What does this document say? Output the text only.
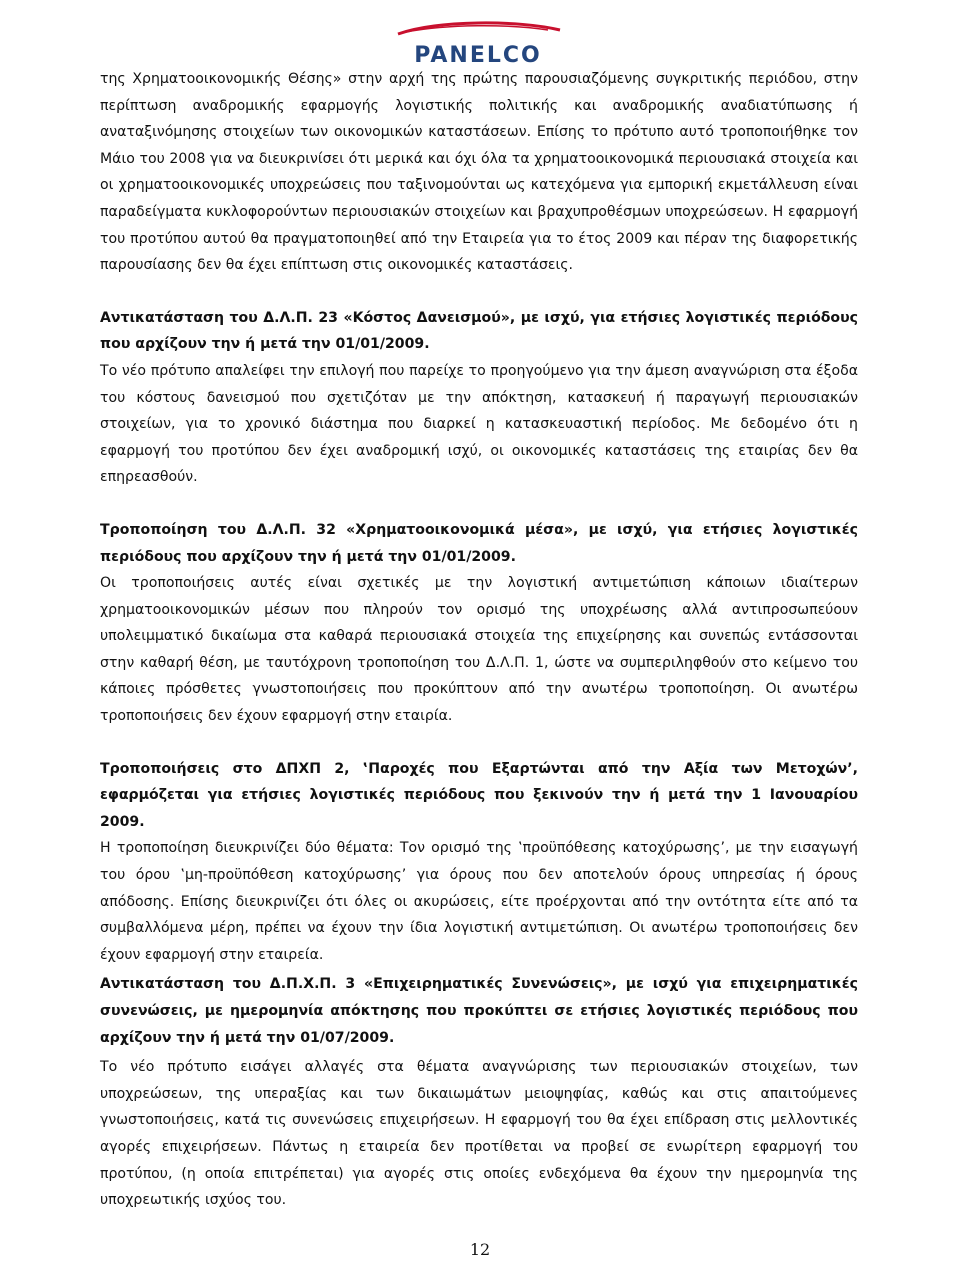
PANELCO

της Χρηματοοικονομικής Θέσης» στην αρχή της πρώτης παρουσιαζόμενης συγκριτικής περιόδου, στην περίπτωση αναδρομικής εφαρμογής λογιστικής πολιτικής και αναδρομικής αναδιατύπωσης ή αναταξινόμησης στοιχείων των οικονομικών καταστάσεων. Επίσης το πρότυπο αυτό τροποποιήθηκε τον Μάιο του 2008 για να διευκρινίσει ότι μερικά και όχι όλα τα χρηματοοικονομικά περιουσιακά στοιχεία και οι χρηματοοικονομικές υποχρεώσεις που ταξινομούνται ως κατεχόμενα για εμπορική εκμετάλλευση είναι παραδείγματα κυκλοφορούντων περιουσιακών στοιχείων και βραχυπροθέσμων υποχρεώσεων. Η εφαρμογή του προτύπου αυτού θα πραγματοποιηθεί από την Εταιρεία για το έτος 2009 και πέραν της διαφορετικής παρουσίασης δεν θα έχει επίπτωση στις οικονομικές καταστάσεις.

Αντικατάσταση του Δ.Λ.Π. 23 «Κόστος Δανεισμού», με ισχύ, για ετήσιες λογιστικές περιόδους που αρχίζουν την ή μετά την 01/01/2009.

Το νέο πρότυπο απαλείφει την επιλογή που παρείχε το προηγούμενο για την άμεση αναγνώριση στα έξοδα του κόστους δανεισμού που σχετιζόταν με την απόκτηση, κατασκευή ή παραγωγή περιουσιακών στοιχείων, για το χρονικό διάστημα που διαρκεί η κατασκευαστική περίοδος. Με δεδομένο ότι η εφαρμογή του προτύπου δεν έχει αναδρομική ισχύ, οι οικονομικές καταστάσεις της εταιρίας δεν θα επηρεασθούν.

Τροποποίηση του Δ.Λ.Π. 32 «Χρηματοοικονομικά μέσα», με ισχύ, για ετήσιες λογιστικές περιόδους που αρχίζουν την ή μετά την 01/01/2009.

Οι τροποποιήσεις αυτές είναι σχετικές με την λογιστική αντιμετώπιση κάποιων ιδιαίτερων χρηματοοικονομικών μέσων που πληρούν τον ορισμό της υποχρέωσης αλλά αντιπροσωπεύουν υπολειμματικό δικαίωμα στα καθαρά περιουσιακά στοιχεία της επιχείρησης και συνεπώς εντάσσονται στην καθαρή θέση, με ταυτόχρονη τροποποίηση του Δ.Λ.Π. 1, ώστε να συμπεριληφθούν στο κείμενο του κάποιες πρόσθετες γνωστοποιήσεις που προκύπτουν από την ανωτέρω τροποποίηση. Οι ανωτέρω τροποποιήσεις δεν έχουν εφαρμογή στην εταιρία.

Τροποποιήσεις στο ΔΠΧΠ 2, ‛Παροχές που Εξαρτώνται από την Αξία των Μετοχών’, εφαρμόζεται για ετήσιες λογιστικές περιόδους που ξεκινούν την ή μετά την 1 Ιανουαρίου 2009.

Η τροποποίηση διευκρινίζει δύο θέματα: Τον ορισμό της ‛προϋπόθεσης κατοχύρωσης’, με την εισαγωγή του όρου ‛μη-προϋπόθεση κατοχύρωσης’ για όρους που δεν αποτελούν όρους υπηρεσίας ή όρους απόδοσης. Επίσης διευκρινίζει ότι όλες οι ακυρώσεις, είτε προέρχονται από την οντότητα είτε από τα συμβαλλόμενα μέρη, πρέπει να έχουν την ίδια λογιστική αντιμετώπιση. Οι ανωτέρω τροποποιήσεις δεν έχουν εφαρμογή στην εταιρεία.

Αντικατάσταση του Δ.Π.Χ.Π. 3 «Επιχειρηματικές Συνενώσεις», με ισχύ για επιχειρηματικές συνενώσεις, με ημερομηνία απόκτησης που προκύπτει σε ετήσιες λογιστικές περιόδους που αρχίζουν την ή μετά την 01/07/2009.

Το νέο πρότυπο εισάγει αλλαγές στα θέματα αναγνώρισης των περιουσιακών στοιχείων, των υποχρεώσεων, της υπεραξίας και των δικαιωμάτων μειοψηφίας, καθώς και στις απαιτούμενες γνωστοποιήσεις, κατά τις συνενώσεις επιχειρήσεων. Η εφαρμογή του θα έχει επίδραση στις μελλοντικές αγορές επιχειρήσεων. Πάντως η εταιρεία δεν προτίθεται να προβεί σε ενωρίτερη εφαρμογή του προτύπου, (η οποία επιτρέπεται) για αγορές στις οποίες ενδεχόμενα θα έχουν την ημερομηνία της υποχρεωτικής ισχύος του.

12
